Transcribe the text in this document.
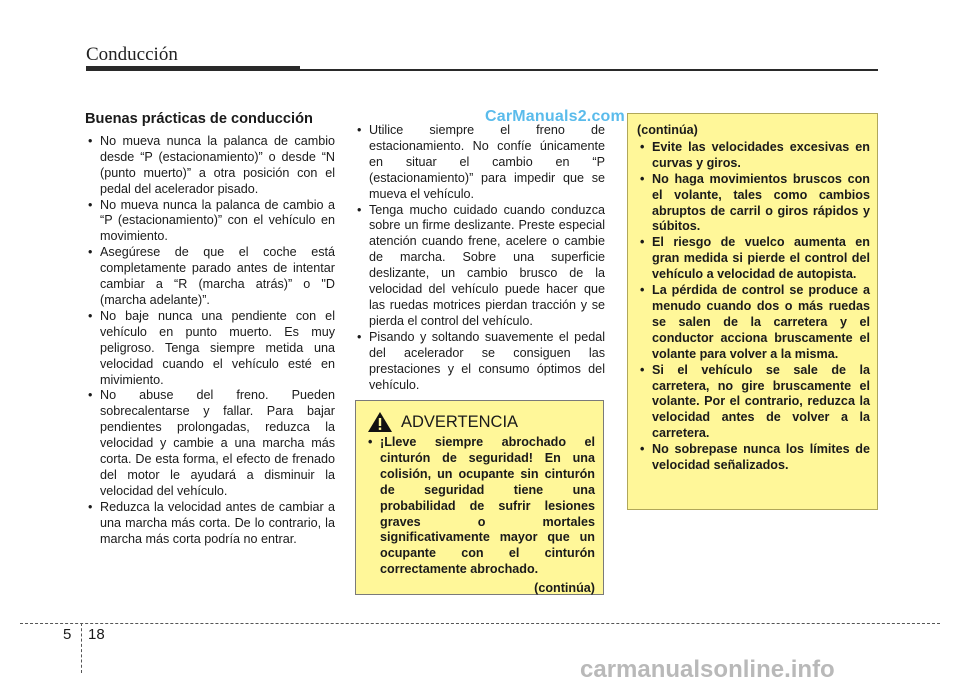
Conducción
Buenas prácticas de conducción
• No mueva nunca la palanca de cambio desde “P (estacionamiento)” o desde “N (punto muerto)” a otra posición con el pedal del acelerador pisado.
• No mueva nunca la palanca de cambio a “P (estacionamiento)” con el vehículo en movimiento.
• Asegúrese de que el coche está completamente parado antes de intentar cambiar a “R (marcha atrás)” o "D (marcha adelante)”.
• No baje nunca una pendiente con el vehículo en punto muerto. Es muy peligroso. Tenga siempre metida una velocidad cuando el vehículo esté en mivimiento.
• No abuse del freno. Pueden sobrecalentarse y fallar. Para bajar pendientes prolongadas, reduzca la velocidad y cambie a una marcha más corta. De esta forma, el efecto de frenado del motor le ayudará a disminuir la velocidad del vehículo.
• Reduzca la velocidad antes de cambiar a una marcha más corta. De lo contrario, la marcha más corta podría no entrar.
• Utilice siempre el freno de estacionamiento. No confíe únicamente en situar el cambio en “P (estacionamiento)” para impedir que se mueva el vehículo.
• Tenga mucho cuidado cuando conduzca sobre un firme deslizante. Preste especial atención cuando frene, acelere o cambie de marcha. Sobre una superficie deslizante, un cambio brusco de la velocidad del vehículo puede hacer que las ruedas motrices pierdan tracción y se pierda el control del vehículo.
• Pisando y soltando suavemente el pedal del acelerador se consiguen las prestaciones y el consumo óptimos del vehículo.
CarManuals2.com
ADVERTENCIA
• ¡Lleve siempre abrochado el cinturón de seguridad! En una colisión, un ocupante sin cinturón de seguridad tiene una probabilidad de sufrir lesiones graves o mortales significativamente mayor que un ocupante con el cinturón correctamente abrochado.
(continúa)
(continúa)
• Evite las velocidades excesivas en curvas y giros.
• No haga movimientos bruscos con el volante, tales como cambios abruptos de carril o giros rápidos y súbitos.
• El riesgo de vuelco aumenta en gran medida si pierde el control del vehículo a velocidad de autopista.
• La pérdida de control se produce a menudo cuando dos o más ruedas se salen de la carretera y el conductor acciona bruscamente el volante para volver a la misma.
• Si el vehículo se sale de la carretera, no gire bruscamente el volante. Por el contrario, reduzca la velocidad antes de volver a la carretera.
• No sobrepase nunca los límites de velocidad señalizados.
5 18
carmanualsonline.info
